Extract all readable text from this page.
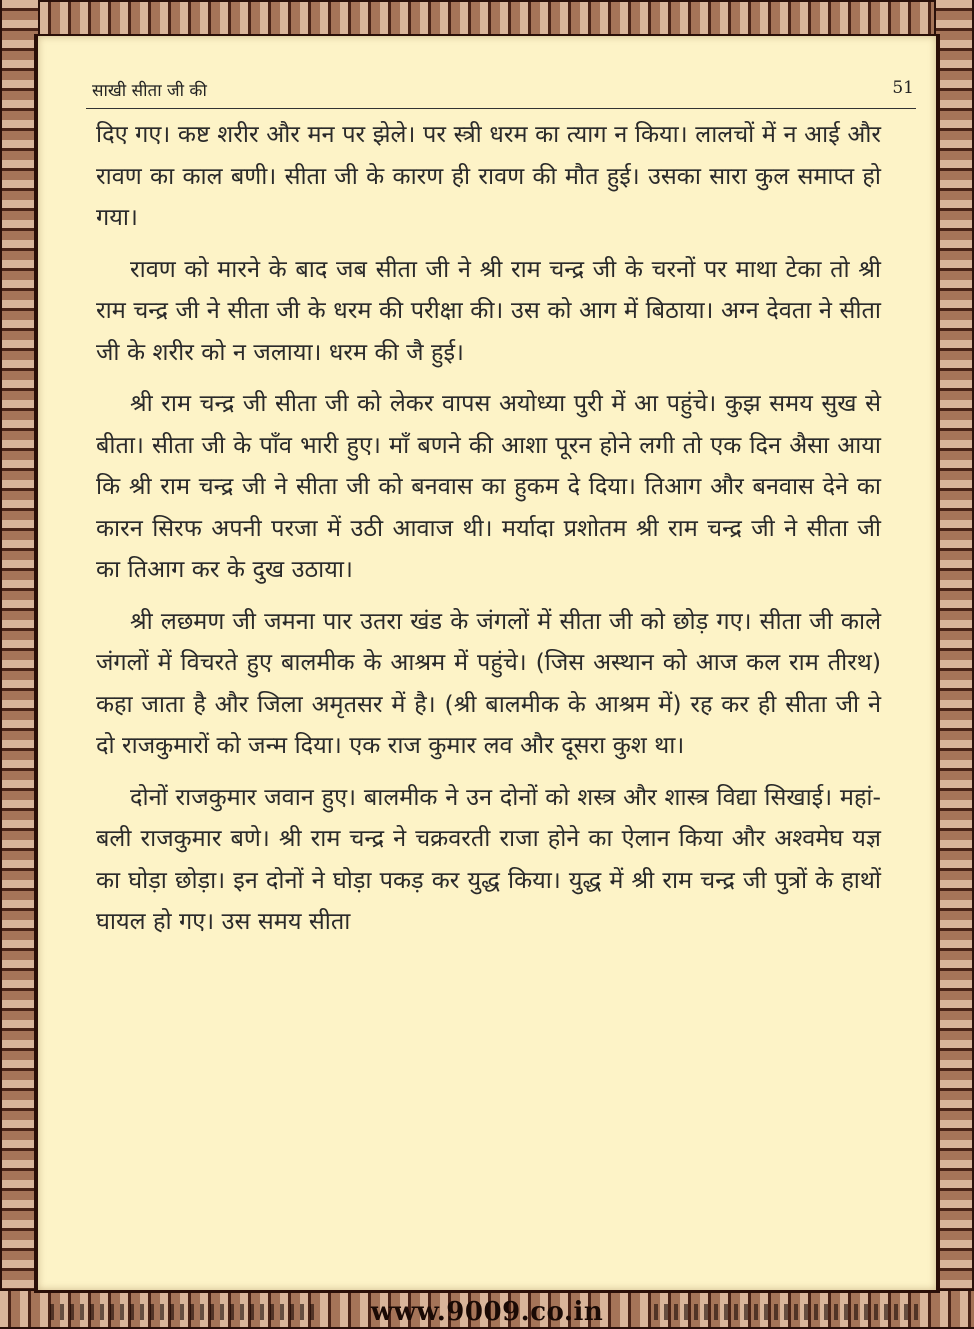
साखी सीता जी की	51

दिए गए। कष्ट शरीर और मन पर झेले। पर स्त्री धरम का त्याग न किया। लालचों में न आई और रावण का काल बणी। सीता जी के कारण ही रावण की मौत हुई। उसका सारा कुल समाप्त हो गया।

रावण को मारने के बाद जब सीता जी ने श्री राम चन्द्र जी के चरनों पर माथा टेका तो श्री राम चन्द्र जी ने सीता जी के धरम की परीक्षा की। उस को आग में बिठाया। अग्न देवता ने सीता जी के शरीर को न जलाया। धरम की जै हुई।

श्री राम चन्द्र जी सीता जी को लेकर वापस अयोध्या पुरी में आ पहुंचे। कुझ समय सुख से बीता। सीता जी के पाँव भारी हुए। माँ बणने की आशा पूरन होने लगी तो एक दिन अैसा आया कि श्री राम चन्द्र जी ने सीता जी को बनवास का हुकम दे दिया। तिआग और बनवास देने का कारन सिरफ अपनी परजा में उठी आवाज थी। मर्यादा प्रशोतम श्री राम चन्द्र जी ने सीता जी का तिआग कर के दुख उठाया।

श्री लछमण जी जमना पार उतरा खंड के जंगलों में सीता जी को छोड़ गए। सीता जी काले जंगलों में विचरते हुए बालमीक के आश्रम में पहुंचे। (जिस अस्थान को आज कल राम तीरथ) कहा जाता है और जिला अमृतसर में है। (श्री बालमीक के आश्रम में) रह कर ही सीता जी ने दो राजकुमारों को जन्म दिया। एक राज कुमार लव और दूसरा कुश था।

दोनों राजकुमार जवान हुए। बालमीक ने उन दोनों को शस्त्र और शास्त्र विद्या सिखाई। महां-बली राजकुमार बणे। श्री राम चन्द्र ने चक्रवरती राजा होने का ऐलान किया और अश्वमेघ यज्ञ का घोड़ा छोड़ा। इन दोनों ने घोड़ा पकड़ कर युद्ध किया। युद्ध में श्री राम चन्द्र जी पुत्रों के हाथों घायल हो गए। उस समय सीता

www.9009.co.in
